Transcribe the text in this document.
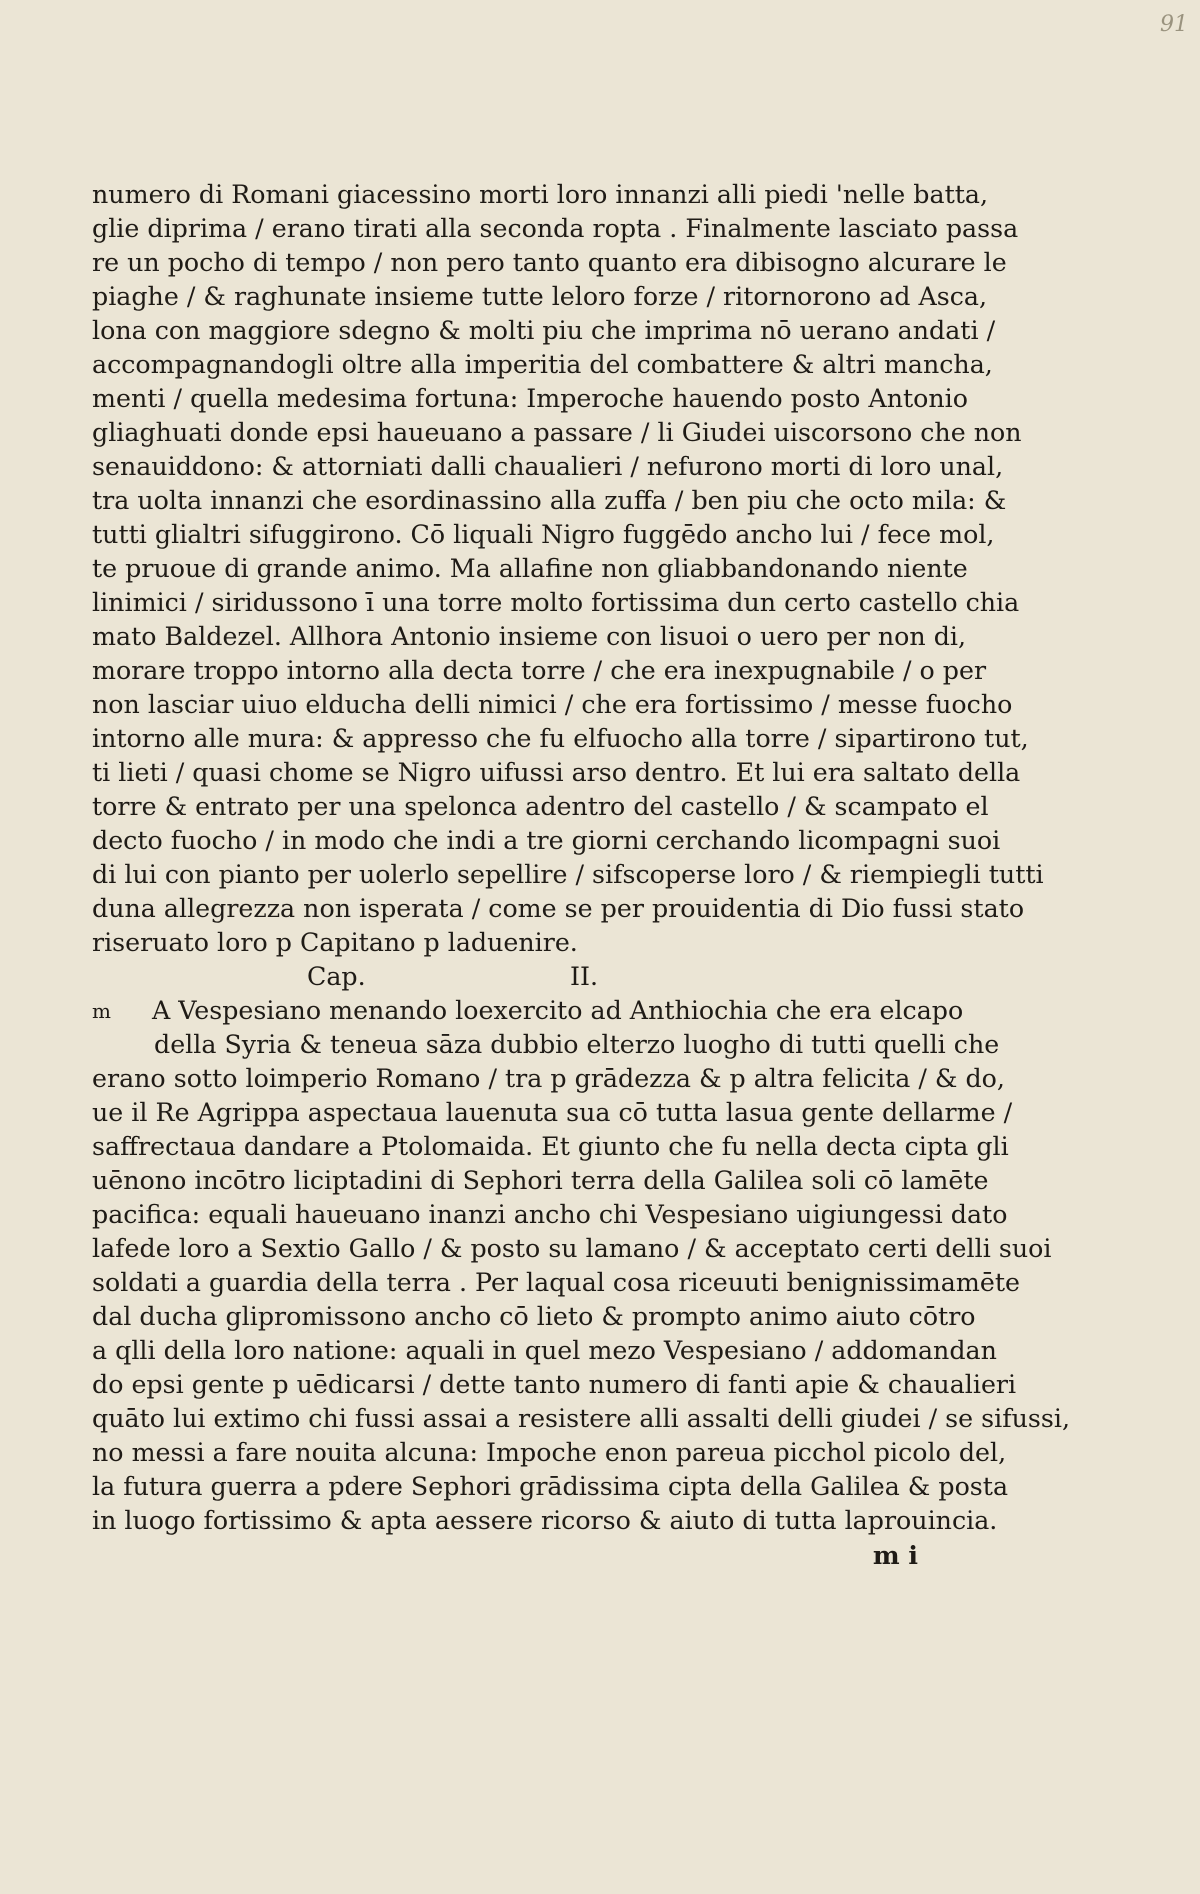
91
numero di Romani giacessino morti loro innanzi alli piedi 'nelle batta,
glie diprima / erano tirati alla seconda ropta . Finalmente lasciato passa
re un pocho di tempo / non pero tanto quanto era dibisogno alcurare le
piaghe / & raghunate insieme tutte leloro forze / ritornorono ad Asca,
lona con maggiore sdegno & molti piu che imprima nō uerano andati /
accompagnandogli oltre alla imperitia del combattere & altri mancha,
menti / quella medesima fortuna: Imperoche hauendo posto Antonio
gliaghuati donde epsi haueuano a passare / li Giudei uiscorsono che non
senauiddono: & attorniati dalli chaualieri / nefurono morti di loro unal,
tra uolta innanzi che esordinassino alla zuffa / ben piu che octo mila: &
tutti glialtri sifuggirono. Cō liquali Nigro fuggēdo ancho lui / fece mol,
te pruoue di grande animo. Ma allafine non gliabbandonando niente
linimici / siridussono ī una torre molto fortissima dun certo castello chia
mato Baldezel. Allhora Antonio insieme con lisuoi o uero per non di,
morare troppo intorno alla decta torre / che era inexpugnabile / o per
non lasciar uiuo elducha delli nimici / che era fortissimo / messe fuocho
intorno alle mura: & appresso che fu elfuocho alla torre / sipartirono tut,
ti lieti / quasi chome se Nigro uifussi arso dentro. Et lui era saltato della
torre & entrato per una spelonca adentro del castello / & scampato el
decto fuocho / in modo che indi a tre giorni cerchando licompagni suoi
di lui con pianto per uolerlo sepellire / sifscoperse loro / & riempiegli tutti
duna allegrezza non isperata / come se per prouidentia di Dio fussi stato
riseruato loro p Capitano p laduenire.
Cap.	II.
m A Vespesiano menando loexercito ad Anthiochia che era elcapo
della Syria & teneua sāza dubbio elterzo luogho di tutti quelli che
erano sotto loimperio Romano / tra p grādezza & p altra felicita / & do,
ue il Re Agrippa aspectaua lauenuta sua cō tutta lasua gente dellarme /
saffrectaua dandare a Ptolomaida. Et giunto che fu nella decta cipta gli
uēnono incōtro liciptadini di Sephori terra della Galilea soli cō lamēte
pacifica: equali haueuano inanzi ancho chi Vespesiano uigiungessi dato
lafede loro a Sextio Gallo / & posto su lamano / & acceptato certi delli suoi
soldati a guardia della terra . Per laqual cosa riceuuti benignissimamēte
dal ducha glipromissono ancho cō lieto & prompto animo aiuto cōtro
a qlli della loro natione: aquali in quel mezo Vespesiano / addomandan
do epsi gente p uēdicarsi / dette tanto numero di fanti apie & chaualieri
quāto lui extimo chi fussi assai a resistere alli assalti delli giudei / se sifussi,
no messi a fare nouita alcuna: Impoche enon pareua picchol picolo del,
la futura guerra a pdere Sephori grādissima cipta della Galilea & posta
in luogo fortissimo & apta aessere ricorso & aiuto di tutta laprouincia.
m i
